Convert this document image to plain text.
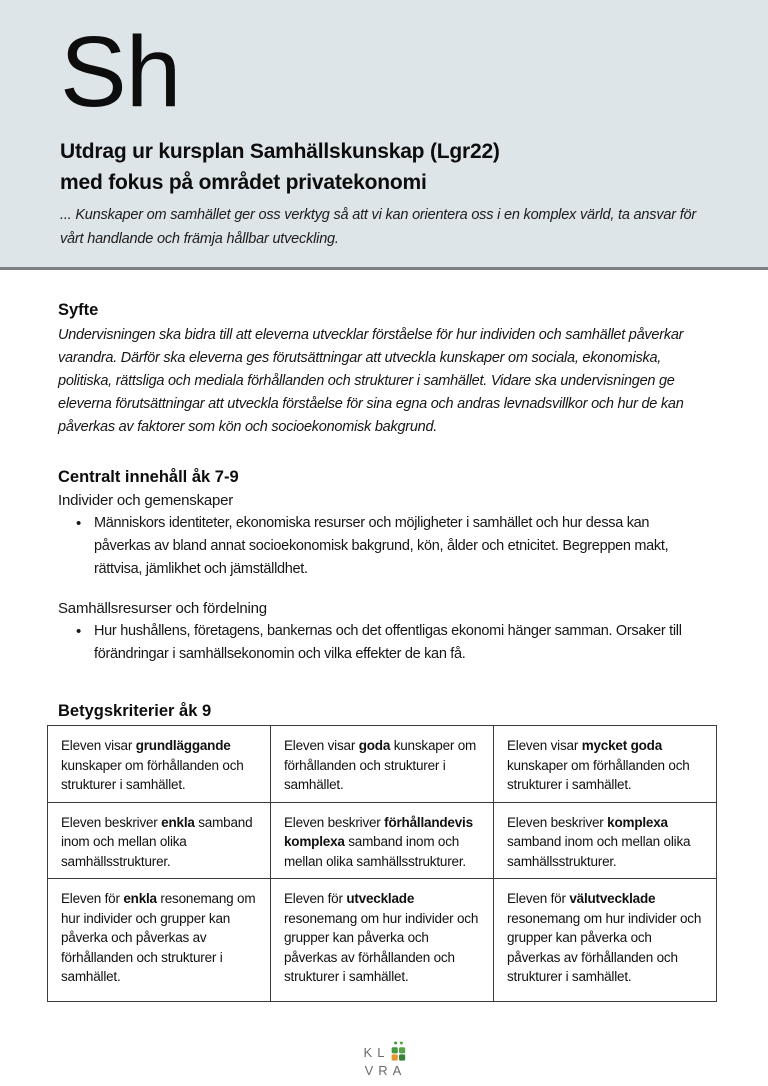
Sh
Utdrag ur kursplan Samhällskunskap (Lgr22)
med fokus på området privatekonomi

... Kunskaper om samhället ger oss verktyg så att vi kan orientera oss i en komplex värld, ta ansvar för vårt handlande och främja hållbar utveckling.

Syfte

Undervisningen ska bidra till att eleverna utvecklar förståelse för hur individen och samhället påverkar varandra. Därför ska eleverna ges förutsättningar att utveckla kunskaper om sociala, ekonomiska, politiska, rättsliga och mediala förhållanden och strukturer i samhället. Vidare ska undervisningen ge eleverna förutsättningar att utveckla förståelse för sina egna och andras levnadsvillkor och hur de kan påverkas av faktorer som kön och socioekonomisk bakgrund.

Centralt innehåll åk 7-9
Individer och gemenskaper
• Människors identiteter, ekonomiska resurser och möjligheter i samhället och hur dessa kan påverkas av bland annat socioekonomisk bakgrund, kön, ålder och etnicitet. Begreppen makt, rättvisa, jämlikhet och jämställdhet.
Samhällsresurser och fördelning
• Hur hushållens, företagens, bankernas och det offentligas ekonomi hänger samman. Orsaker till förändringar i samhällsekonomin och vilka effekter de kan få.
Betygskriterier åk 9
Eleven visar grundläggande kunskaper om förhållanden och strukturer i samhället.	Eleven visar goda kunskaper om förhållanden och strukturer i samhället.	Eleven visar mycket goda kunskaper om förhållanden och strukturer i samhället.
Eleven beskriver enkla samband inom och mellan olika samhällsstrukturer.	Eleven beskriver förhållandevis komplexa samband inom och mellan olika samhällsstrukturer.	Eleven beskriver komplexa samband inom och mellan olika samhällsstrukturer.
Eleven för enkla resonemang om hur individer och grupper kan påverka och påverkas av förhållanden och strukturer i samhället.	Eleven för utvecklade resonemang om hur individer och grupper kan påverka och påverkas av förhållanden och strukturer i samhället.	Eleven för välutvecklade resonemang om hur individer och grupper kan påverka och påverkas av förhållanden och strukturer i samhället.
KL
VRA
